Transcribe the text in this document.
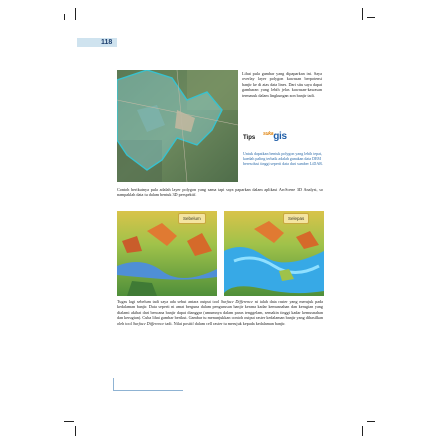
118
Lihat pula gambar yang dipaparkan ini. Saya overlay layer polygon kawasan berpotensi banjir ke di atas data lines. Dari situ saya dapat gambaran yang lebih jelas kawasan-kawasan termasuk dalam lingkungan zon banjir tadi.
Tips
$^{suka}$gis
Untuk dapatkan bentuk polygon yang lebih tepat, kaedah paling terbaik adalah gunakan data DEM beresolusi tinggi seperti data dari sumber LiDAR.
Contoh berikutnya pula adalah layer polygon yang sama tapi saya paparkan dalam aplikasi ArcScene 3D Analyst, so nampaklah data tu dalam bentuk 3D perspektif.
Sebelum	Selepas
Tugas lagi sebelum tadi saya ada sebut antara output tool Surface Difference ni ialah data raster yang merujuk pada kedalaman banjir. Data seperti ni amat berguna dalam pengurusan banjir kerana kadar kemusnahan dan kerugian yang dialami akibat dari bencana banjir dapat dianggar (umumnya dalam paras tenggelam, semakin tinggi kadar kemusnahan dan kerugian). Cuba lihat gambar berikut. Gambar tu menunjukkan contoh output raster kedalaman banjir yang dihasilkan oleh tool Surface Difference tadi. Nilai positif dalam cell raster tu merujuk kepada kedalaman banjir.
